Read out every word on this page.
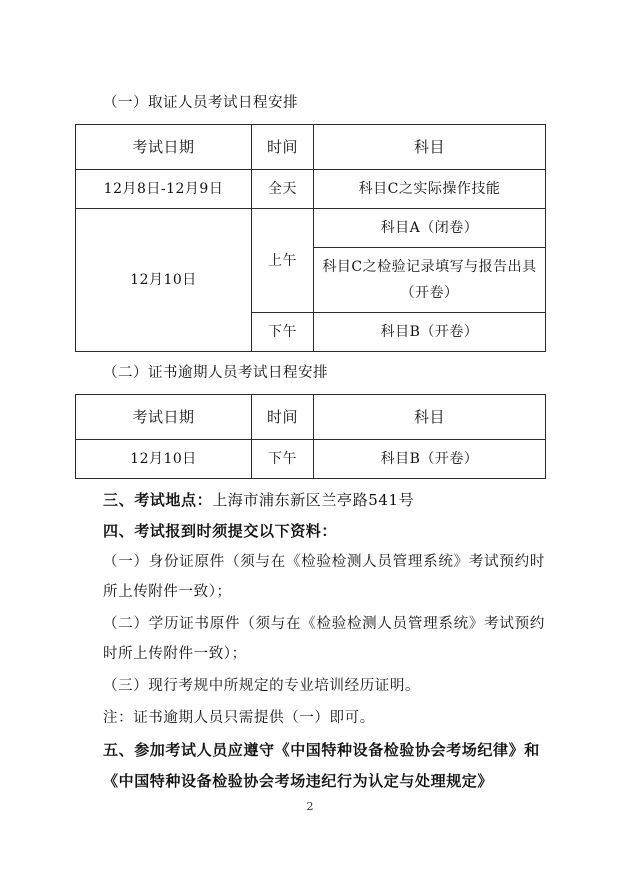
（一）取证人员考试日程安排
考试日期	时间	科目
12月8日-12月9日	全天	科目C之实际操作技能
12月10日	上午	科目A（闭卷）
		科目C之检验记录填写与报告出具（开卷）
	下午	科目B（开卷）
（二）证书逾期人员考试日程安排
考试日期	时间	科目
12月10日	下午	科目B（开卷）
三、考试地点：上海市浦东新区兰亭路541号
四、考试报到时须提交以下资料：
（一）身份证原件（须与在《检验检测人员管理系统》考试预约时所上传附件一致）；
（二）学历证书原件（须与在《检验检测人员管理系统》考试预约时所上传附件一致）；
（三）现行考规中所规定的专业培训经历证明。
注：证书逾期人员只需提供（一）即可。
五、参加考试人员应遵守《中国特种设备检验协会考场纪律》和《中国特种设备检验协会考场违纪行为认定与处理规定》
2
